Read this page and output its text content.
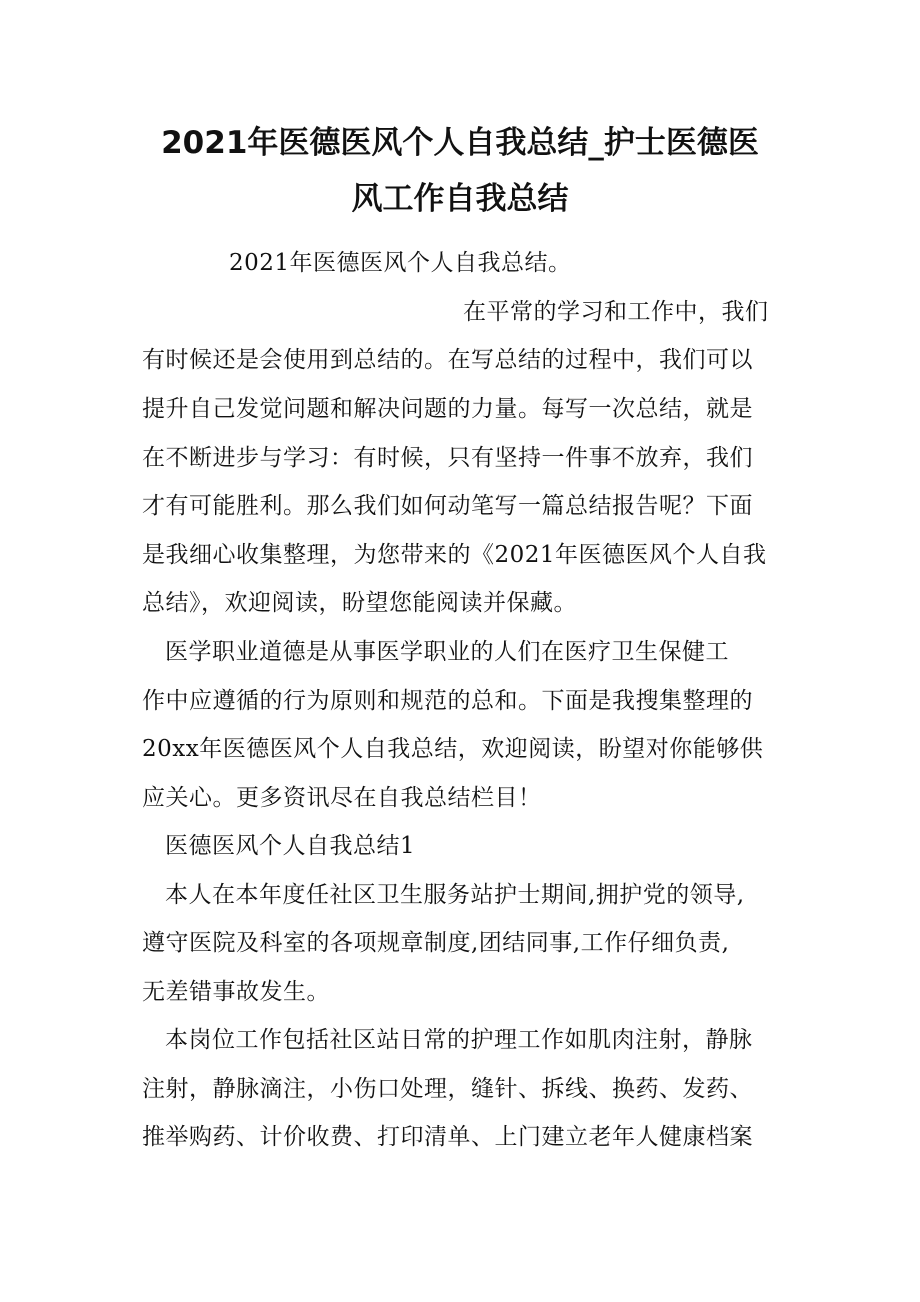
2021年医德医风个人自我总结_护士医德医
风工作自我总结
2021年医德医风个人自我总结。
在平常的学习和工作中，我们
有时候还是会使用到总结的。在写总结的过程中，我们可以
提升自己发觉问题和解决问题的力量。每写一次总结，就是
在不断进步与学习：有时候，只有坚持一件事不放弃，我们
才有可能胜利。那么我们如何动笔写一篇总结报告呢？下面
是我细心收集整理，为您带来的《2021年医德医风个人自我
总结》，欢迎阅读，盼望您能阅读并保藏。
医学职业道德是从事医学职业的人们在医疗卫生保健工
作中应遵循的行为原则和规范的总和。下面是我搜集整理的
20xx年医德医风个人自我总结，欢迎阅读，盼望对你能够供
应关心。更多资讯尽在自我总结栏目！
医德医风个人自我总结1
本人在本年度任社区卫生服务站护士期间,拥护党的领导,
遵守医院及科室的各项规章制度,团结同事,工作仔细负责,
无差错事故发生。
本岗位工作包括社区站日常的护理工作如肌肉注射，静脉
注射，静脉滴注，小伤口处理，缝针、拆线、换药、发药、
推举购药、计价收费、打印清单、上门建立老年人健康档案
